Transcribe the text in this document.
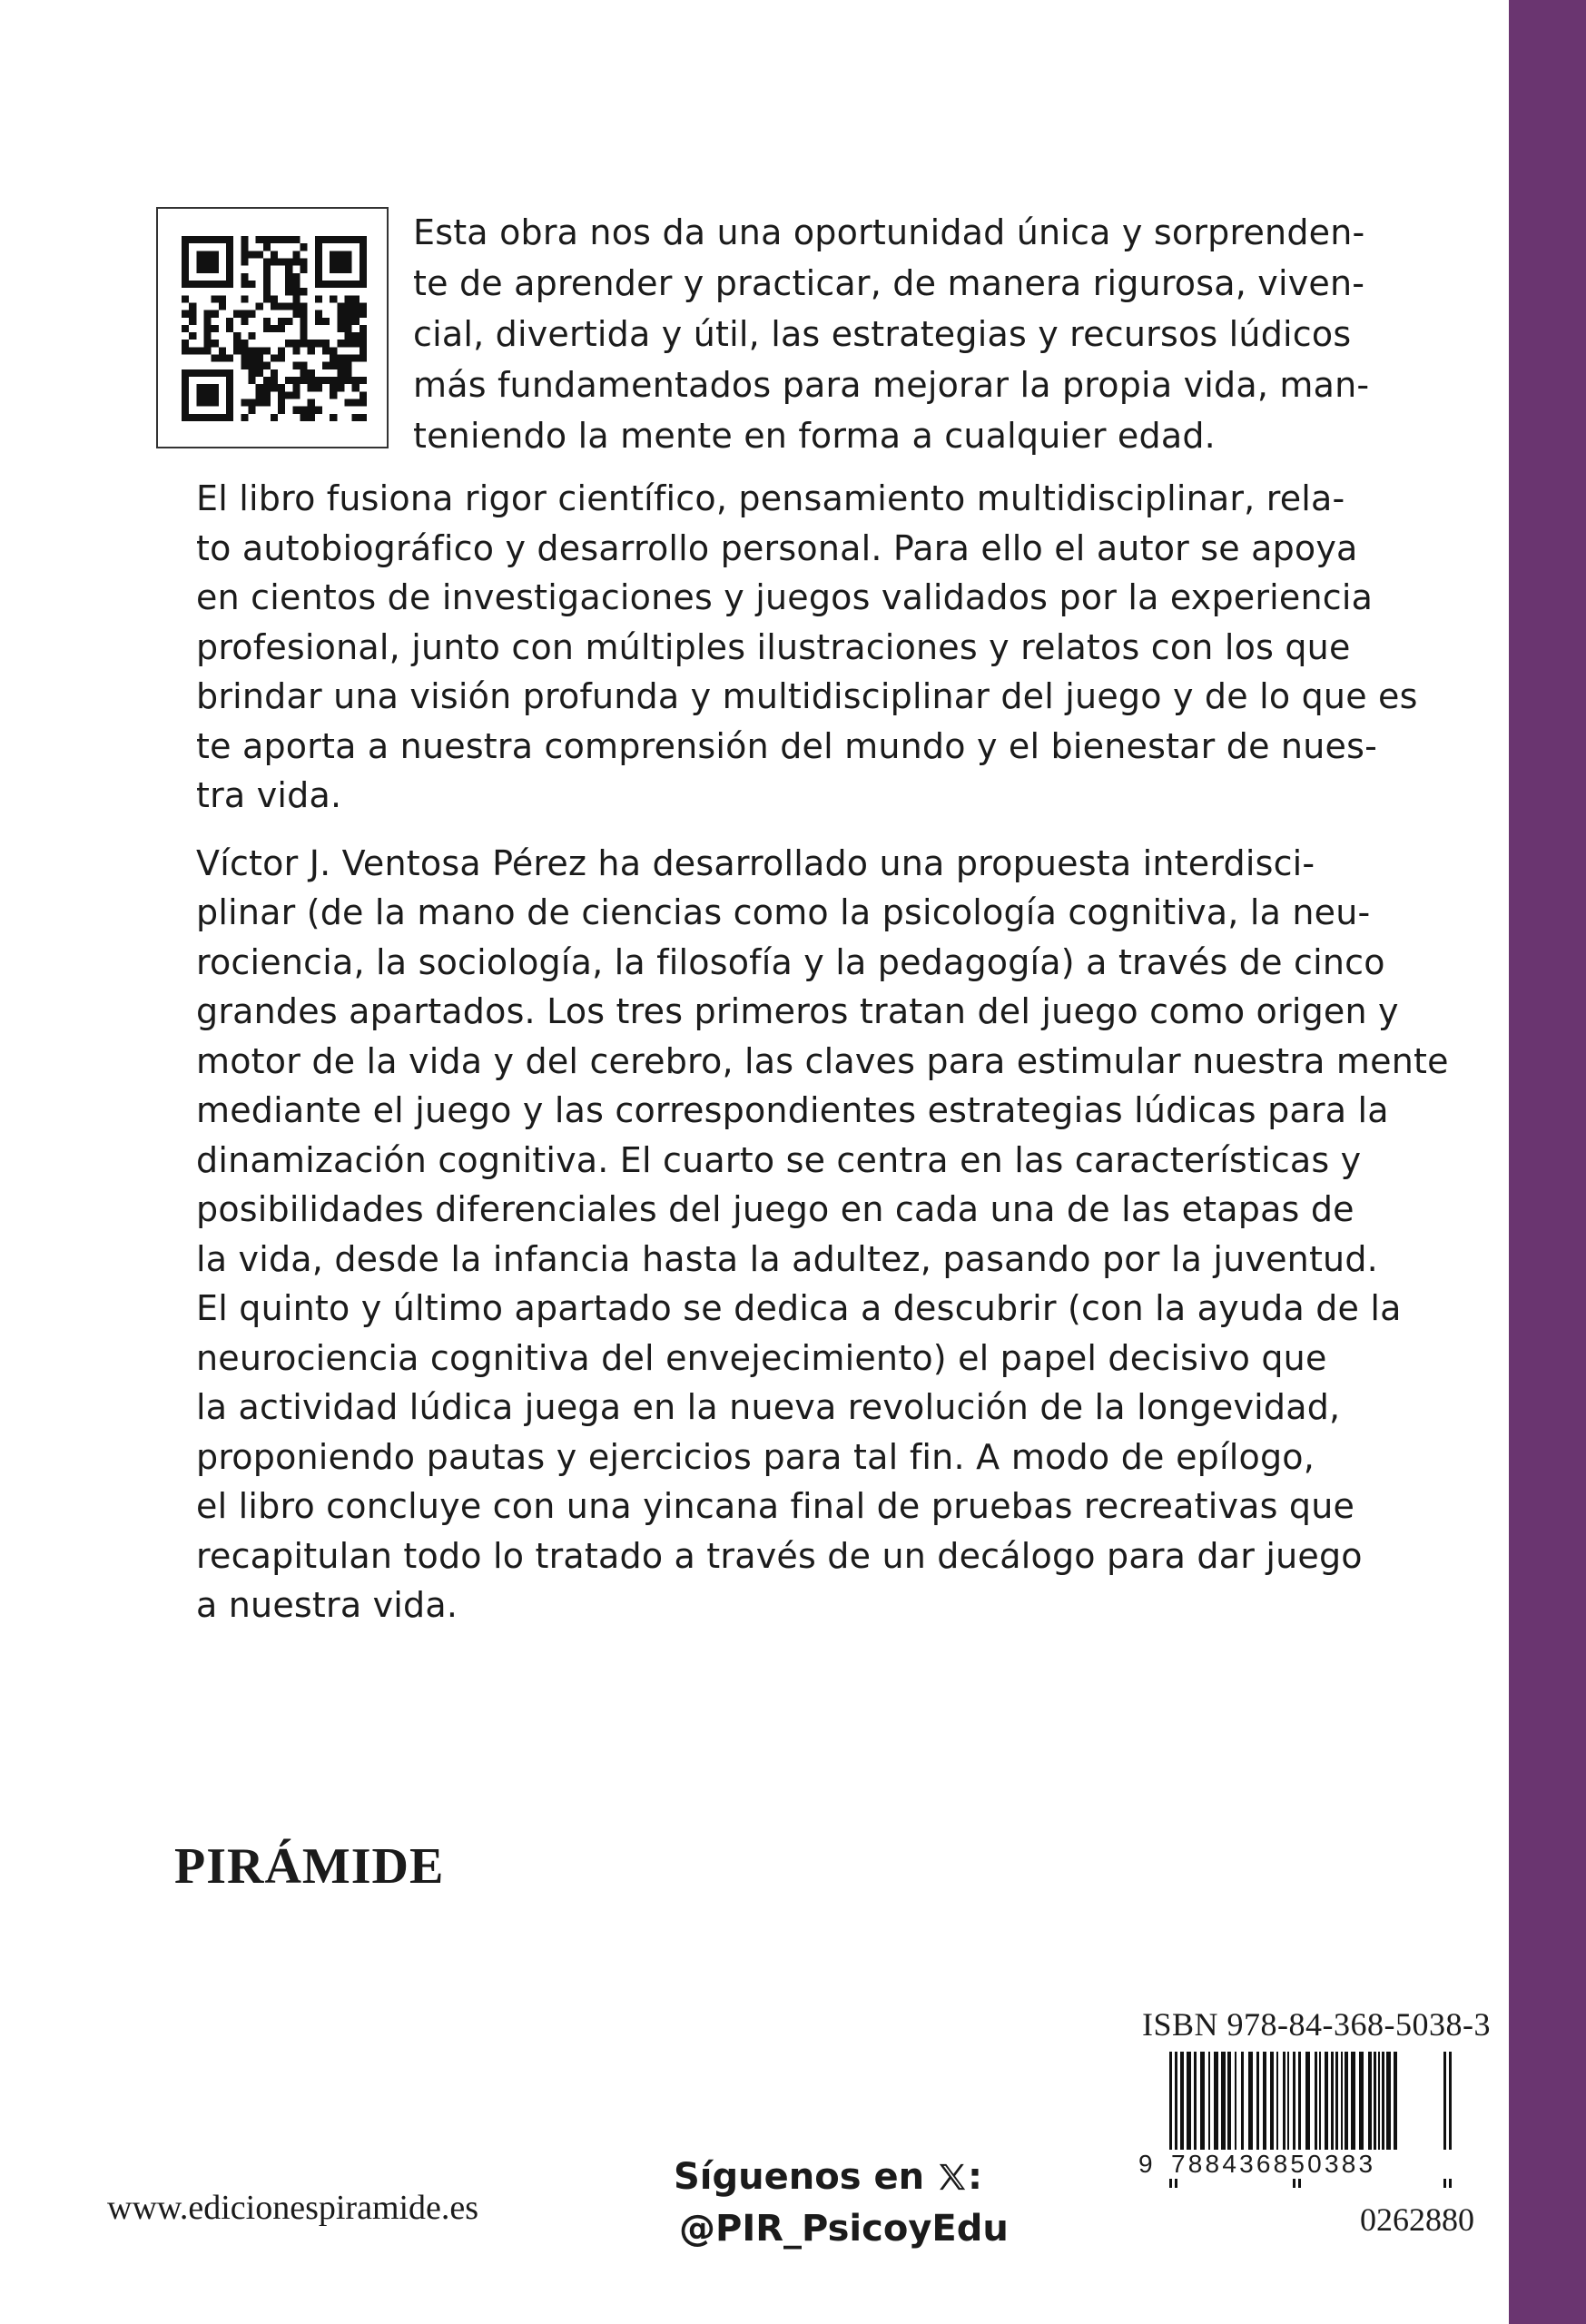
Esta obra nos da una oportunidad única y sorprenden-
te de aprender y practicar, de manera rigurosa, viven-
cial, divertida y útil, las estrategias y recursos lúdicos
más fundamentados para mejorar la propia vida, man-
teniendo la mente en forma a cualquier edad.

El libro fusiona rigor científico, pensamiento multidisciplinar, rela-
to autobiográfico y desarrollo personal. Para ello el autor se apoya
en cientos de investigaciones y juegos validados por la experiencia
profesional, junto con múltiples ilustraciones y relatos con los que
brindar una visión profunda y multidisciplinar del juego y de lo que es
te aporta a nuestra comprensión del mundo y el bienestar de nues-
tra vida.

Víctor J. Ventosa Pérez ha desarrollado una propuesta interdisci-
plinar (de la mano de ciencias como la psicología cognitiva, la neu-
rociencia, la sociología, la filosofía y la pedagogía) a través de cinco
grandes apartados. Los tres primeros tratan del juego como origen y
motor de la vida y del cerebro, las claves para estimular nuestra mente
mediante el juego y las correspondientes estrategias lúdicas para la
dinamización cognitiva. El cuarto se centra en las características y
posibilidades diferenciales del juego en cada una de las etapas de
la vida, desde la infancia hasta la adultez, pasando por la juventud.
El quinto y último apartado se dedica a descubrir (con la ayuda de la
neurociencia cognitiva del envejecimiento) el papel decisivo que
la actividad lúdica juega en la nueva revolución de la longevidad,
proponiendo pautas y ejercicios para tal fin. A modo de epílogo,
el libro concluye con una yincana final de pruebas recreativas que
recapitulan todo lo tratado a través de un decálogo para dar juego
a nuestra vida.

ISBN 978-84-368-5038-3
9 788436850383
0262880
PIRÁMIDE
www.edicionespiramide.es
Síguenos en :
@PIR_PsicoyEdu
